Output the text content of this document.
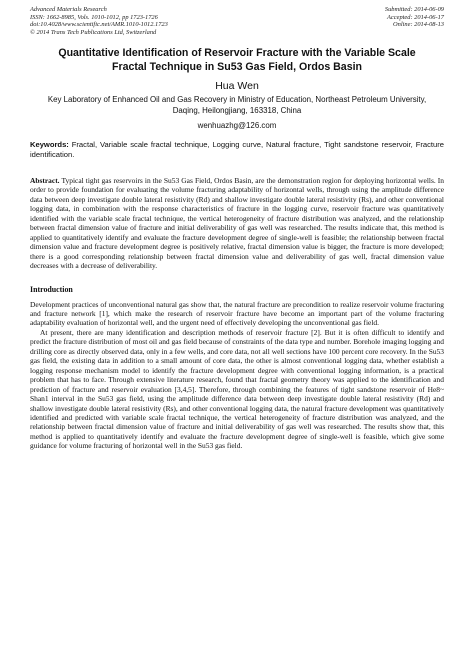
Advanced Materials Research
ISSN: 1662-8985, Vols. 1010-1012, pp 1723-1726
doi:10.4028/www.scientific.net/AMR.1010-1012.1723
© 2014 Trans Tech Publications Ltd, Switzerland
Submitted: 2014-06-09
Accepted: 2014-06-17
Online: 2014-08-13
Quantitative Identification of Reservoir Fracture with the Variable Scale Fractal Technique in Su53 Gas Field, Ordos Basin
Hua Wen
Key Laboratory of Enhanced Oil and Gas Recovery in Ministry of Education, Northeast Petroleum University, Daqing, Heilongjiang, 163318, China
wenhuazhg@126.com
Keywords: Fractal, Variable scale fractal technique, Logging curve, Natural fracture, Tight sandstone reservoir, Fracture identification.
Abstract. Typical tight gas reservoirs in the Su53 Gas Field, Ordos Basin, are the demonstration region for deploying horizontal wells. In order to provide foundation for evaluating the volume fracturing adaptability of horizontal wells, through using the amplitude difference data between deep investigate double lateral resistivity (Rd) and shallow investigate double lateral resistivity (Rs), and other conventional logging data, in combination with the response characteristics of fracture in the logging curve, reservoir fracture was quantitatively identified with the variable scale fractal technique, the vertical heterogeneity of fracture distribution was analyzed, and the relationship between fractal dimension value of fracture and initial deliverability of gas well was researched. The results indicate that, this method is applied to quantitatively identify and evaluate the fracture development degree of single-well is feasible; the relationship between fractal dimension value and fracture development degree is positively relative, fractal dimension value is bigger, the fracture is more developed; there is a good corresponding relationship between fractal dimension value and deliverability of gas well, fractal dimension value decreases with a decrease of deliverability.
Introduction
Development practices of unconventional natural gas show that, the natural fracture are precondition to realize reservoir volume fracturing and fracture network [1], which make the research of reservoir fracture have become an important part of the volume fracturing adaptability evaluation of horizontal well, and the urgent need of effectively developing the unconventional gas field.
At present, there are many identification and description methods of reservoir fracture [2]. But it is often difficult to identify and predict the fracture distribution of most oil and gas field because of constraints of the data type and number. Borehole imaging logging and drilling core as directly observed data, only in a few wells, and core data, not all well sections have 100 percent core recovery. In the Su53 gas field, the existing data in addition to a small amount of core data, the other is almost conventional logging data, whether establish a logging response mechanism model to identify the fracture development degree with conventional logging information, is a practical problem that has to face. Through extensive literature research, found that fractal geometry theory was applied to the identification and prediction of fracture and reservoir evaluation [3,4,5]. Therefore, through combining the features of tight sandstone reservoir of He8~ Shan1 interval in the Su53 gas field, using the amplitude difference data between deep investigate double lateral resistivity (Rd) and shallow investigate double lateral resistivity (Rs), and other conventional logging data, the natural fracture development was quantitatively identified and predicted with variable scale fractal technique, the vertical heterogeneity of fracture distribution was analyzed, and the relationship between fractal dimension value of fracture and initial deliverability of gas well was researched. The results show that, this method is applied to quantitatively identify and evaluate the fracture development degree of single-well is feasible, which give some guidance for volume fracturing of horizontal well in the Su53 gas field.
